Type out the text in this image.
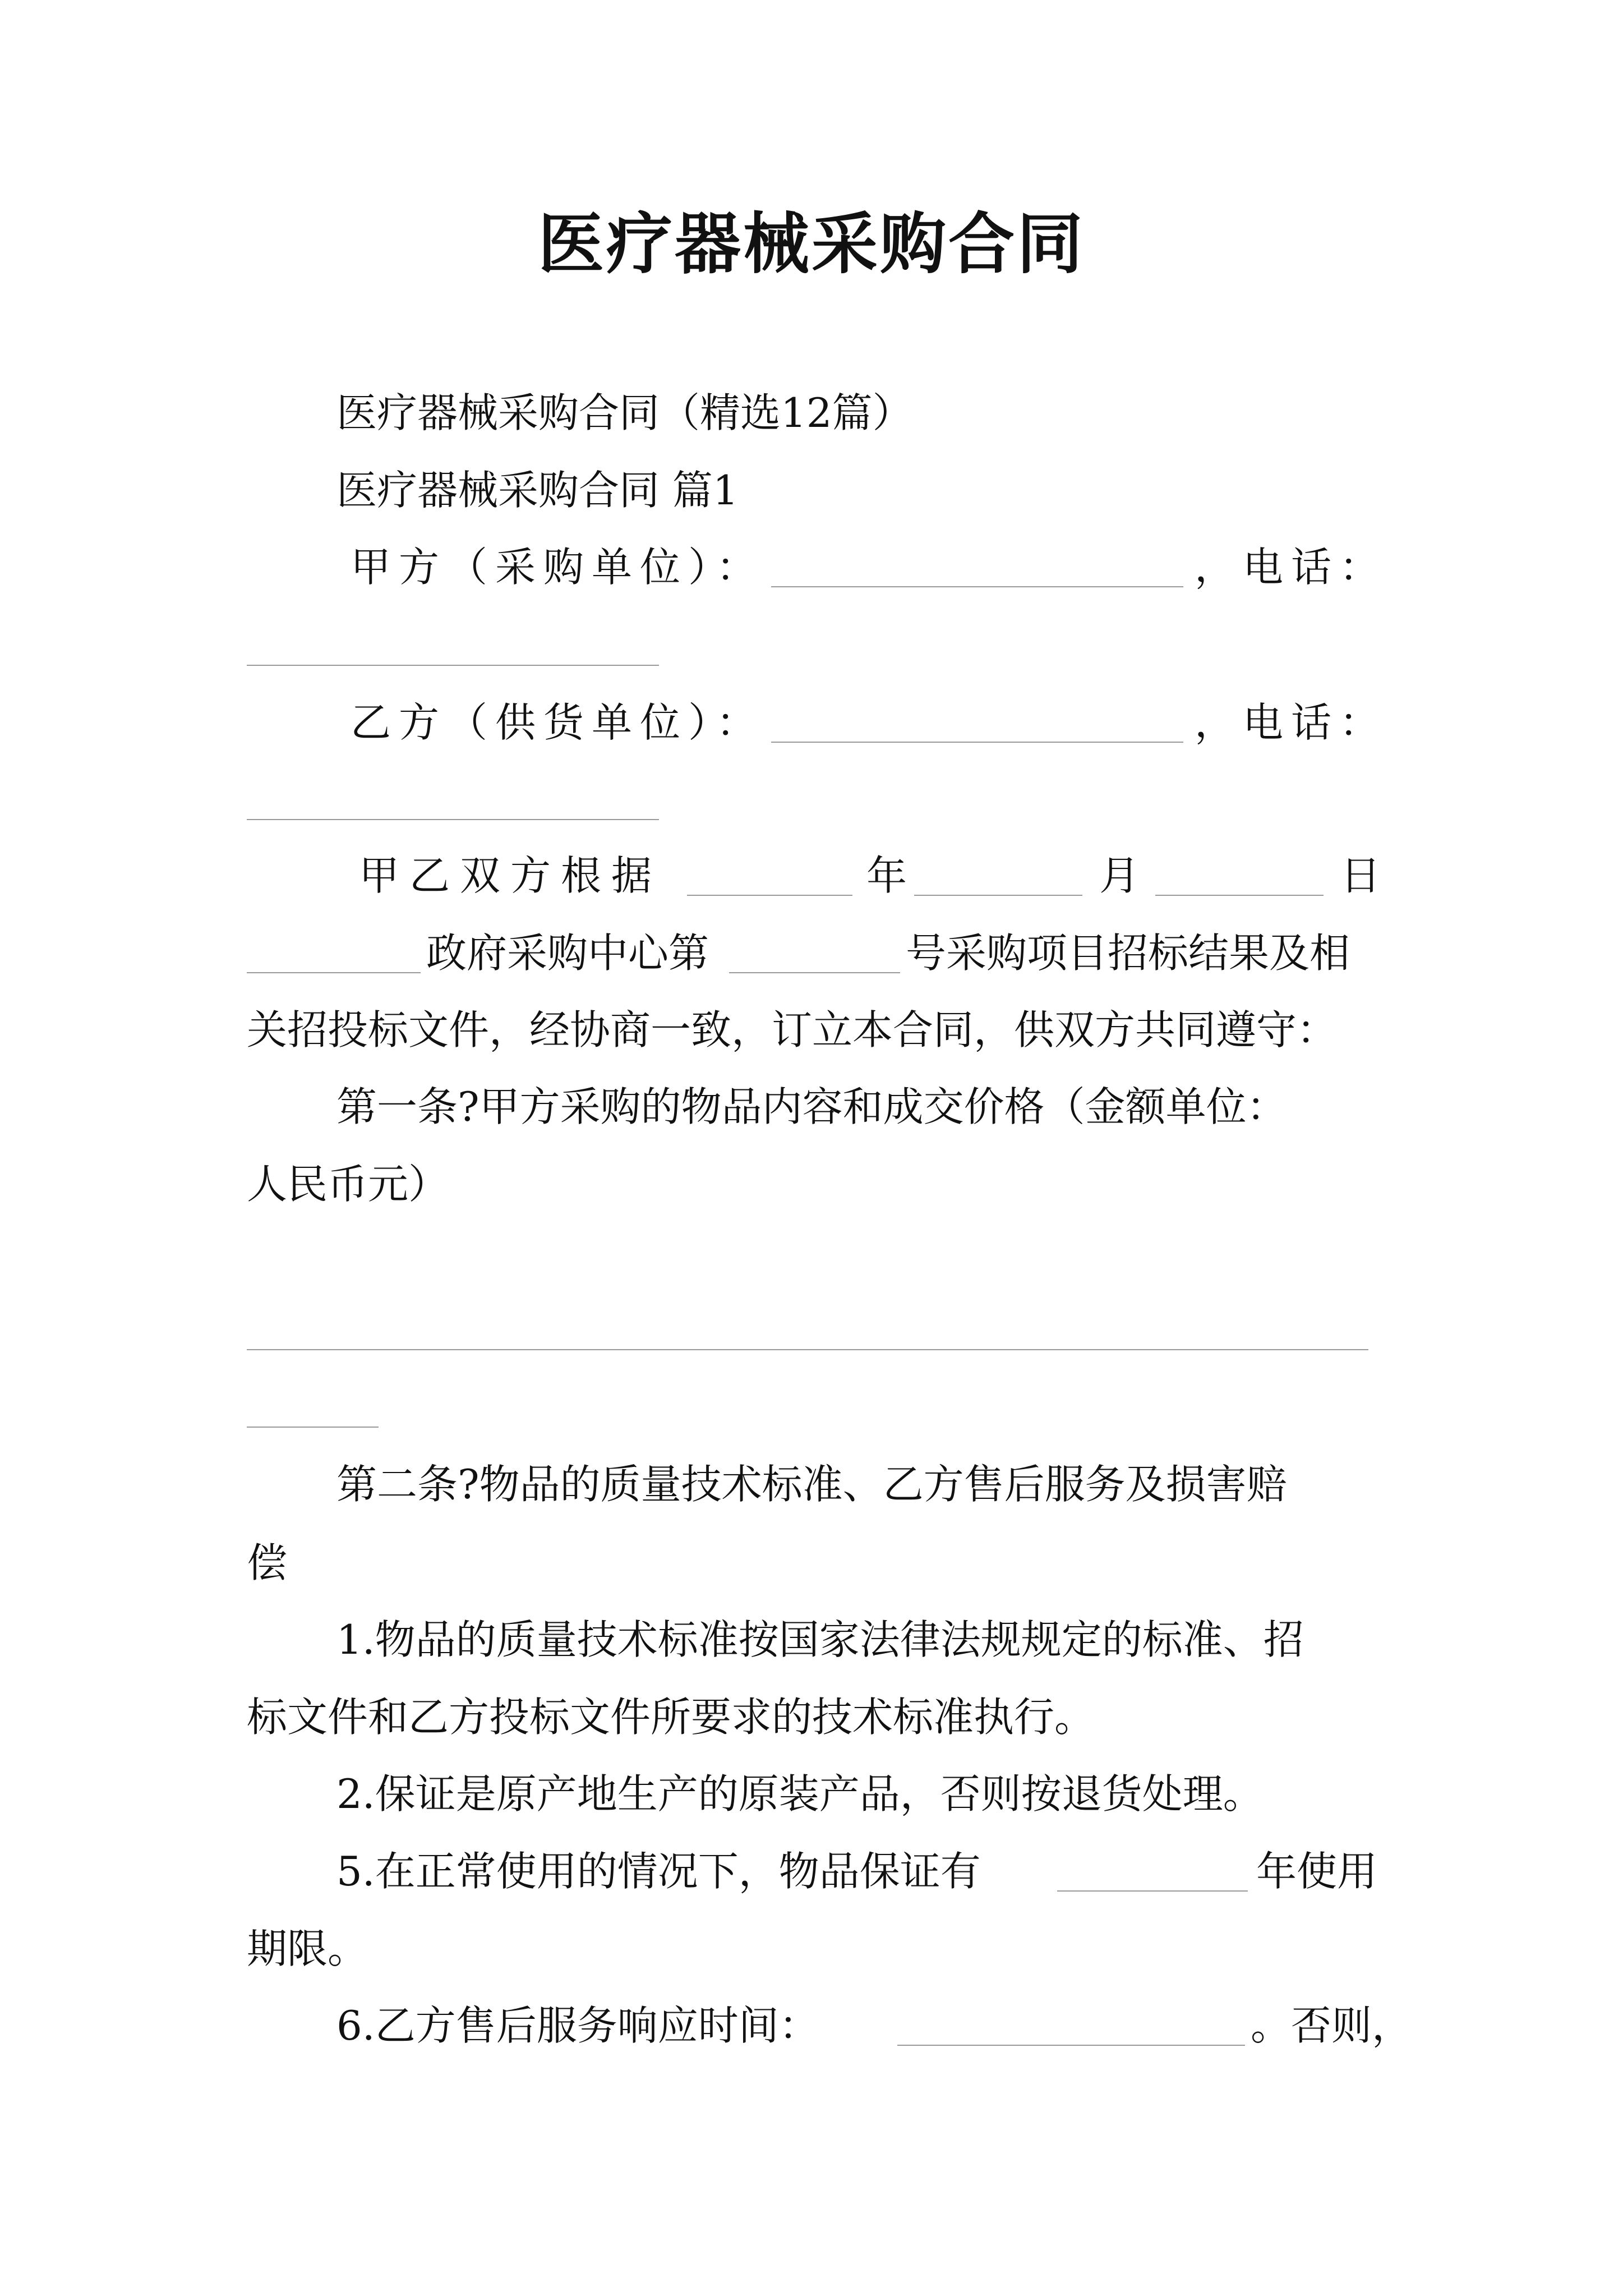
医疗器械采购合同
医疗器械采购合同（精选12篇）
医疗器械采购合同 篇1
甲方（采购单位）：	，电话：
乙方（供货单位）：	，电话：
甲乙双方根据	年	月	日
政府采购中心第	号采购项目招标结果及相
关招投标文件，经协商一致，订立本合同，供双方共同遵守：
第一条?甲方采购的物品内容和成交价格（金额单位：
人民币元）
第二条?物品的质量技术标准、乙方售后服务及损害赔
偿
1.物品的质量技术标准按国家法律法规规定的标准、招
标文件和乙方投标文件所要求的技术标准执行。
2.保证是原产地生产的原装产品，否则按退货处理。
5.在正常使用的情况下，物品保证有	年使用
期限。
6.乙方售后服务响应时间：	。否则，
